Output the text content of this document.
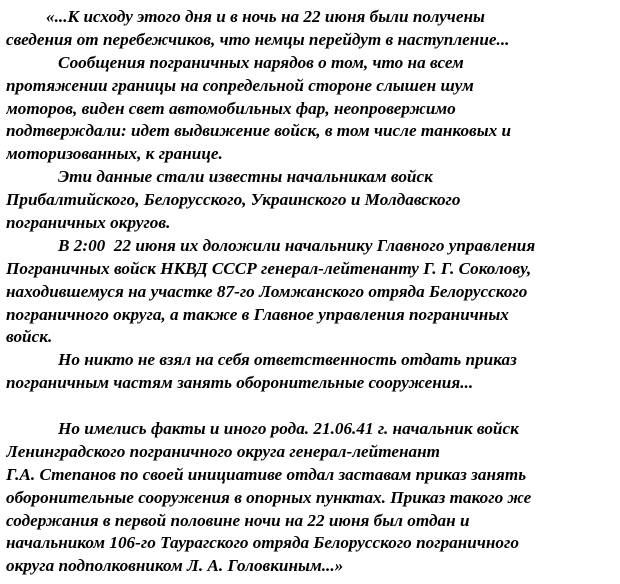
«...К исходу этого дня и в ночь на 22 июня были получены
сведения от перебежчиков, что немцы перейдут в наступление...
Сообщения пограничных нарядов о том, что на всем
протяжении границы на сопредельной стороне слышен шум
моторов, виден свет автомобильных фар, неопровержимо
подтверждали: идет выдвижение войск, в том числе танковых и
моторизованных, к границе.
Эти данные стали известны начальникам войск
Прибалтийского, Белорусского, Украинского и Молдавского
пограничных округов.
В 2:00  22 июня их доложили начальнику Главного управления
Пограничных войск НКВД СССР генерал-лейтенанту Г. Г. Соколову,
находившемуся на участке 87-го Ломжанского отряда Белорусского
пограничного округа, а также в Главное управления пограничных
войск.
Но никто не взял на себя ответственность отдать приказ
пограничным частям занять оборонительные сооружения...
Но имелись факты и иного рода. 21.06.41 г. начальник войск
Ленинградского пограничного округа генерал-лейтенант
Г.А. Степанов по своей инициативе отдал заставам приказ занять
оборонительные сооружения в опорных пунктах. Приказ такого же
содержания в первой половине ночи на 22 июня был отдан и
начальником 106-го Таурагского отряда Белорусского пограничного
округа подполковником Л. А. Головкиным...»
